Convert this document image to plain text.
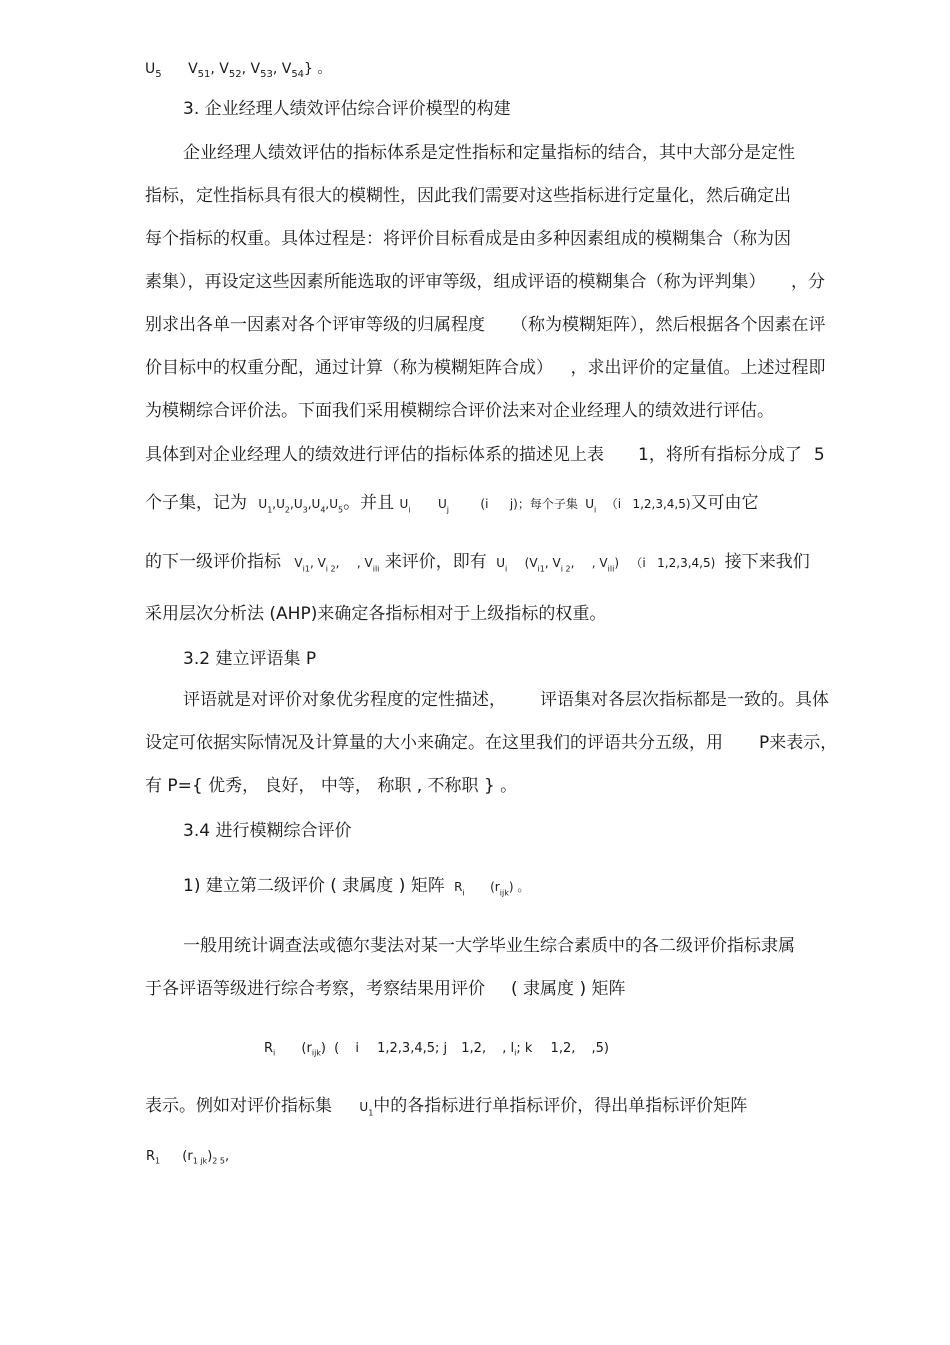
$U_5$ $V_{51}$, $V_{52}$, $V_{53}$, $V_{54}$} 。
3. 企业经理人绩效评估综合评价模型的构建
企业经理人绩效评估的指标体系是定性指标和定量指标的结合，其中大部分是定性
指标，定性指标具有很大的模糊性，因此我们需要对这些指标进行定量化，然后确定出
每个指标的权重。具体过程是：将评价目标看成是由多种因素组成的模糊集合（称为因
素集），再设定这些因素所能选取的评审等级，组成评语的模糊集合（称为评判集） ，分
别求出各单一因素对各个评审等级的归属程度 （称为模糊矩阵），然后根据各个因素在评
价目标中的权重分配，通过计算（称为模糊矩阵合成） ，求出评价的定量值。上述过程即
为模糊综合评价法。下面我们采用模糊综合评价法来对企业经理人的绩效进行评估。
具体到对企业经理人的绩效进行评估的指标体系的描述见上表 1，将所有指标分成了 5
个子集，记为 $U_1,U_2,U_3,U_4,U_5$。并且 $U_i$ $U_j$	(i j)；每个子集 $U_i$ （i 1,2,3,4,5)又可由它
的下一级评价指标 $V_{i1}$, $V_{i 2}$, , $V_{ili}$ 来评价，即有 $U_i$ ($V_{i1}$, $V_{i 2}$, , $V_{ili}$) （i 1,2,3,4,5) 接下来我们
采用层次分析法 (AHP)来确定各指标相对于上级指标的权重。
3.2 建立评语集 P
评语就是对评价对象优劣程度的定性描述， 评语集对各层次指标都是一致的。具体
设定可依据实际情况及计算量的大小来确定。在这里我们的评语共分五级，用 P来表示，
有 P={ 优秀， 良好， 中等， 称职 , 不称职 } 。
3.4 进行模糊综合评价
1) 建立第二级评价 ( 隶属度 ) 矩阵 $R_i$ $(r_{ijk})$ 。
一般用统计调查法或德尔斐法对某一大学毕业生综合素质中的各二级评价指标隶属
于各评语等级进行综合考察，考察结果用评价 ( 隶属度 ) 矩阵
$R_i$ $(r_{ijk})$ ( i 1,2,3,4,5; j 1,2, , $l_i$; k 1,2, ,5)
表示。例如对评价指标集 $U_1$中的各指标进行单指标评价，得出单指标评价矩阵
$R_1$ $(r_{1 jk})_{2 5}$,
